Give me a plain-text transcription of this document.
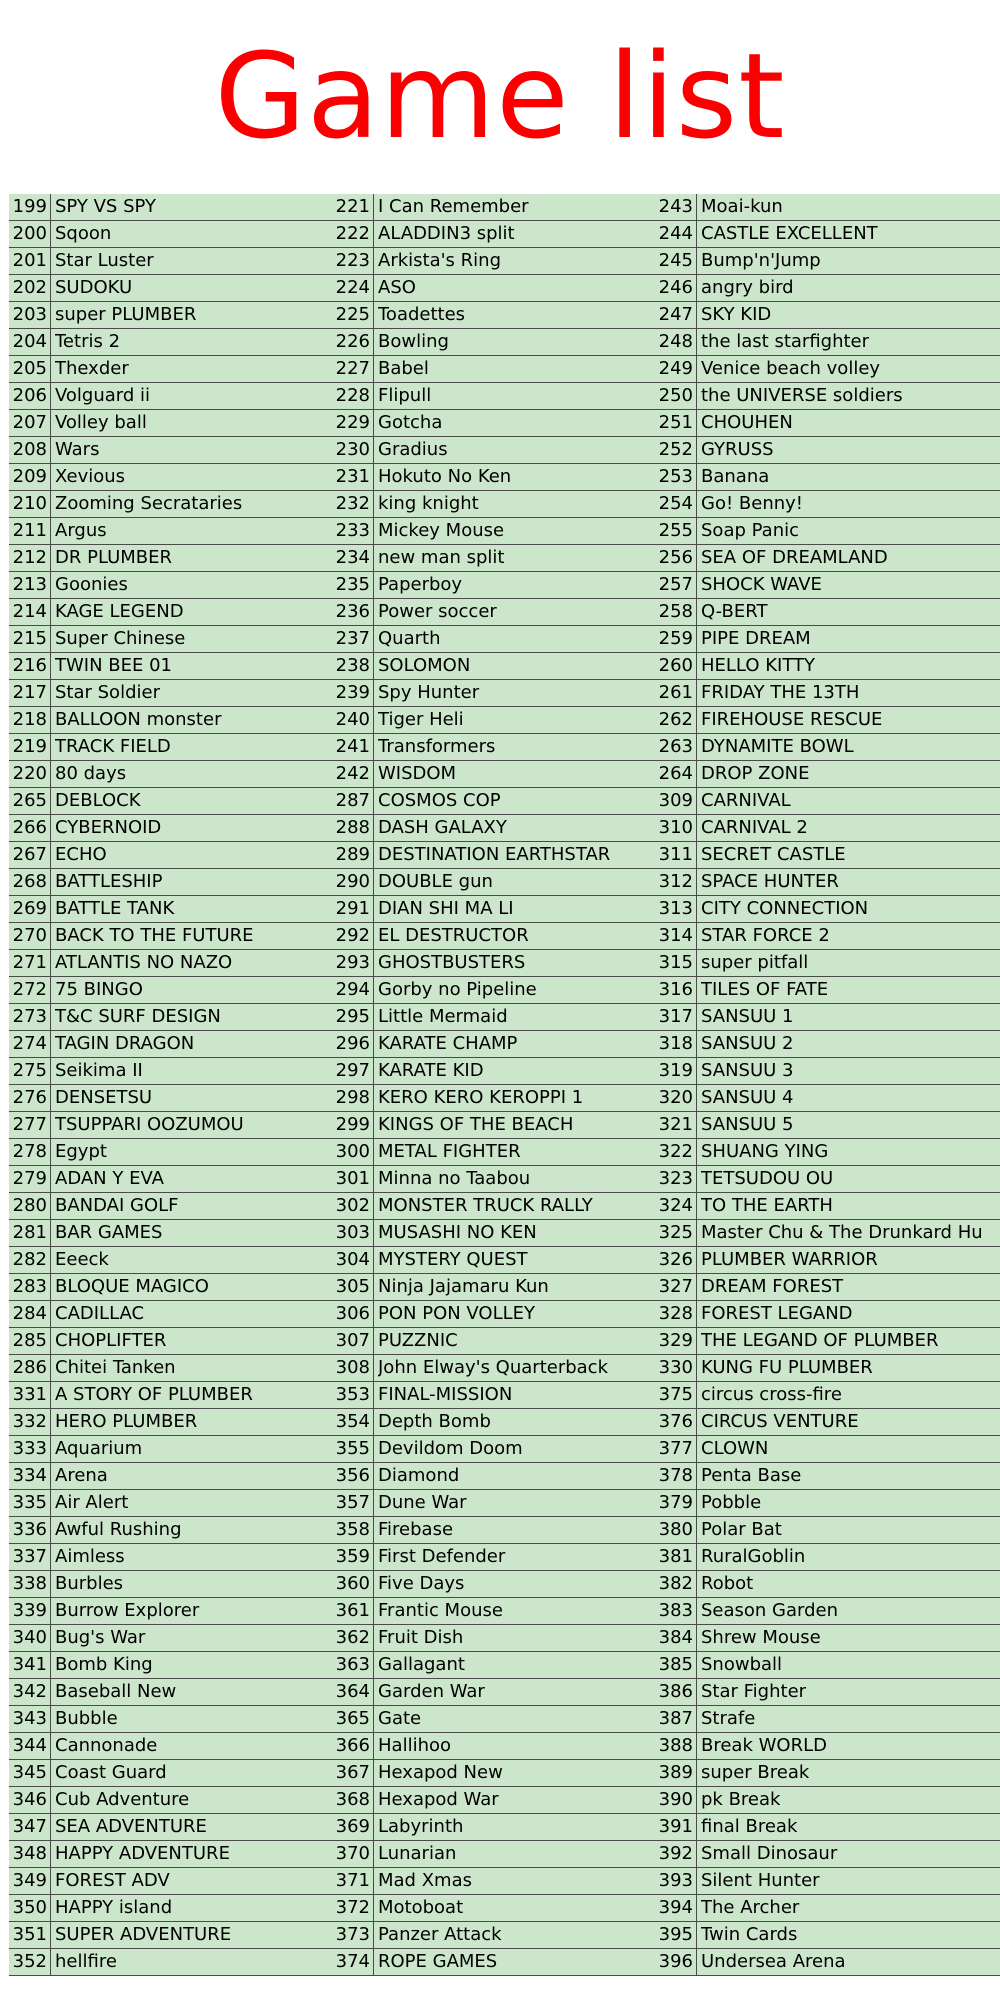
Game list
199 SPY VS SPY
200 Sqoon
201 Star Luster
202 SUDOKU
203 super PLUMBER
204 Tetris 2
205 Thexder
206 Volguard ii
207 Volley ball
208 Wars
209 Xevious
210 Zooming Secrataries
211 Argus
212 DR PLUMBER
213 Goonies
214 KAGE LEGEND
215 Super Chinese
216 TWIN BEE 01
217 Star Soldier
218 BALLOON monster
219 TRACK FIELD
220 80 days
221 I Can Remember
222 ALADDIN3 split
223 Arkista's Ring
224 ASO
225 Toadettes
226 Bowling
227 Babel
228 Flipull
229 Gotcha
230 Gradius
231 Hokuto No Ken
232 king knight
233 Mickey Mouse
234 new man split
235 Paperboy
236 Power soccer
237 Quarth
238 SOLOMON
239 Spy Hunter
240 Tiger Heli
241 Transformers
242 WISDOM
243 Moai-kun
244 CASTLE EXCELLENT
245 Bump'n'Jump
246 angry bird
247 SKY KID
248 the last starfighter
249 Venice beach volley
250 the UNIVERSE soldiers
251 CHOUHEN
252 GYRUSS
253 Banana
254 Go! Benny!
255 Soap Panic
256 SEA OF DREAMLAND
257 SHOCK WAVE
258 Q-BERT
259 PIPE DREAM
260 HELLO KITTY
261 FRIDAY THE 13TH
262 FIREHOUSE RESCUE
263 DYNAMITE BOWL
264 DROP ZONE
265 DEBLOCK
266 CYBERNOID
267 ECHO
268 BATTLESHIP
269 BATTLE TANK
270 BACK TO THE FUTURE
271 ATLANTIS NO NAZO
272 75 BINGO
273 T&C SURF DESIGN
274 TAGIN DRAGON
275 Seikima II
276 DENSETSU
277 TSUPPARI OOZUMOU
278 Egypt
279 ADAN Y EVA
280 BANDAI GOLF
281 BAR GAMES
282 Eeeck
283 BLOQUE MAGICO
284 CADILLAC
285 CHOPLIFTER
286 Chitei Tanken
287 COSMOS COP
288 DASH GALAXY
289 DESTINATION EARTHSTAR
290 DOUBLE gun
291 DIAN SHI MA LI
292 EL DESTRUCTOR
293 GHOSTBUSTERS
294 Gorby no Pipeline
295 Little Mermaid
296 KARATE CHAMP
297 KARATE KID
298 KERO KERO KEROPPI 1
299 KINGS OF THE BEACH
300 METAL FIGHTER
301 Minna no Taabou
302 MONSTER TRUCK RALLY
303 MUSASHI NO KEN
304 MYSTERY QUEST
305 Ninja Jajamaru Kun
306 PON PON VOLLEY
307 PUZZNIC
308 John Elway's Quarterback
309 CARNIVAL
310 CARNIVAL 2
311 SECRET CASTLE
312 SPACE HUNTER
313 CITY CONNECTION
314 STAR FORCE 2
315 super pitfall
316 TILES OF FATE
317 SANSUU 1
318 SANSUU 2
319 SANSUU 3
320 SANSUU 4
321 SANSUU 5
322 SHUANG YING
323 TETSUDOU OU
324 TO THE EARTH
325 Master Chu & The Drunkard Hu
326 PLUMBER WARRIOR
327 DREAM FOREST
328 FOREST LEGAND
329 THE LEGAND OF PLUMBER
330 KUNG FU PLUMBER
331 A STORY OF PLUMBER
332 HERO PLUMBER
333 Aquarium
334 Arena
335 Air Alert
336 Awful Rushing
337 Aimless
338 Burbles
339 Burrow Explorer
340 Bug's War
341 Bomb King
342 Baseball New
343 Bubble
344 Cannonade
345 Coast Guard
346 Cub Adventure
347 SEA ADVENTURE
348 HAPPY ADVENTURE
349 FOREST ADV
350 HAPPY island
351 SUPER ADVENTURE
352 hellfire
353 FINAL-MISSION
354 Depth Bomb
355 Devildom Doom
356 Diamond
357 Dune War
358 Firebase
359 First Defender
360 Five Days
361 Frantic Mouse
362 Fruit Dish
363 Gallagant
364 Garden War
365 Gate
366 Hallihoo
367 Hexapod New
368 Hexapod War
369 Labyrinth
370 Lunarian
371 Mad Xmas
372 Motoboat
373 Panzer Attack
374 ROPE GAMES
375 circus cross-fire
376 CIRCUS VENTURE
377 CLOWN
378 Penta Base
379 Pobble
380 Polar Bat
381 RuralGoblin
382 Robot
383 Season Garden
384 Shrew Mouse
385 Snowball
386 Star Fighter
387 Strafe
388 Break WORLD
389 super Break
390 pk Break
391 final Break
392 Small Dinosaur
393 Silent Hunter
394 The Archer
395 Twin Cards
396 Undersea Arena
